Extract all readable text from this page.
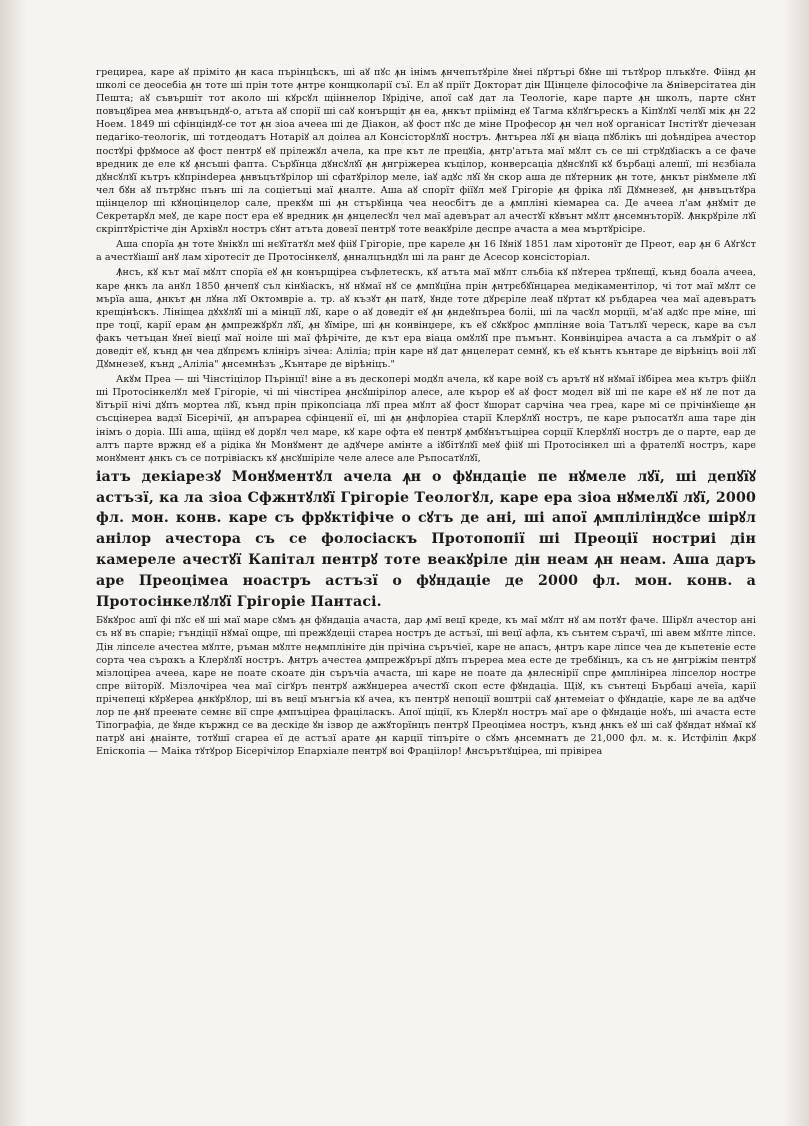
грецирea, каре аꙋ пріміто ꙟн каса пърінцѣскъ, ші аꙋ пꙋс ꙟн інімъ ꙟнчепътꙋріле ꙋнеі пꙋртърі бꙋне ші тътꙋрор плъкꙋте. Фіінд ꙟн школі се деосебіа ꙟн тоте ші прін тоте ꙟнтре конщколарії съї. Ел аꙋ пріїт Докторат дін Щінцеле філософіче ла Ꙋніверсітатеа дін Пешта; аꙋ съвършіт тот аколо ші кꙋрсꙋл щііннелор Іꙋрідічe, апої саꙋ дат ла Теологіе, каре парте ꙟн школъ, парте сꙋнт повъцꙋіреа меа ꙟнвъцъндꙋ-о, атъта аꙋ спорії ші саꙋ конърщіт ꙟн еа, ꙟнкът пріімінд еꙋ Тагма кꙋлꙋгърескъ а Кіпꙋлꙋї челꙋї мік ꙟн 22 Ноем. 1849 ші сфінціндꙋ-се тот ꙟн зіоа ачееа ші де Діакон, аꙋ фост пꙋс де міне Професор ꙟн чел ноꙋ органісат Інстітꙋт діечезан педагіко-теологік, ші тотдеодатъ Нотаріꙋ ал доілеа ал Консісторꙋлꙋї ностръ. Ꙟнтъреа лꙋї ꙟн віаца пꙋблікъ ші доѣндіреа ачестор постꙋрі фрꙋмосе аꙋ фост пентрꙋ еꙋ прілежꙋл ачела, ка пре кът ле прецꙋіа, ꙟнтр'атъта маї мꙋлт съ се ші стрꙋдꙋіаскъ а се фаче вредник де еле кꙋ ꙟнсъші фапта. Сърꙋїнца дꙋнсꙋлꙋї ꙟн ꙟнгріжереа къцілор, конверсаціа дꙋнсꙋлꙋї кꙋ бърбаці алешї, ші нєзбіала дꙋнсꙋлꙋї кътръ кꙋпрінdереа ꙟнвъцътꙋрілор ші сфатꙋрілор меле, іаꙋ адꙋс лꙋї ꙋн скор аша де пꙋтерник ꙟн тоте, ꙟнкът рінꙋмеле лꙋї чел бꙋн аꙋ пътрꙋнс пънъ ші ла соціетъці маї ꙟналте. Аша аꙋ спорїт фіїꙋл меꙋ Грігоріе ꙟн фріка лꙋї Дꙋмнезеꙋ, ꙟн ꙟнвъцътꙋра щіінцелор ші кꙋноцінцелор сале, прекꙋм ші ꙟн стърꙋінца чеа неосбітъ де а ꙟмпліні кіемареа са. Де ачееа л'ам ꙟнꙋміт де Секретарꙋл меꙋ, де каре пост ера еꙋ вредник ꙟн ꙟнцелесꙋл чел маї адевърат ал ачестꙋї кꙋвънт мꙋлт ꙟнсемнъторїꙋ. Ꙟнкрꙋріле лꙋї скріптꙋрістіче дін Архівꙋл ностръ сꙋнт атъта довезї пентрꙋ тоте веакꙋріле деспре ачаста а меа мъртꙋрісіре.

Аша спорїа ꙟн тоте ꙋнікꙋл ші нєꙋїтатꙋл меꙋ фііꙋ Грігоріе, пре кареле ꙟн 16 Іꙋніꙋ 1851 лам хіротонїт де Преот, еар ꙟн 6 Аꙋгꙋст а ачестꙋіашї анꙋ лам хіротесіт де Протосінкелꙋ, ꙟнналцъндꙋл ші ла ранг де Асесор консісторіал.

Ꙟнсъ, кꙋ кът маї мꙋлт спорїа еꙋ ꙟн конърщіреа съфлетескъ, кꙋ атъта маї мꙋлт слъбіа кꙋ пꙋтереа трꙋпещї, кънд боала ачееа, каре ꙟнкъ ла анꙋл 1850 ꙟнчепꙋ съл кінꙋіаскъ, нꙋ нꙋмаї нꙋ се ꙟмпꙋцїна прін ꙟнтрєбꙋїнцареа медікаментілор, чі тот маї мꙋлт се мърїа аша, ꙟнкът ꙟн лꙋна лꙋї Октомвріе а. тр. аꙋ къзꙋт ꙟн патꙋ, ꙋнде тоте дꙋрєріле леаꙋ пꙋртат кꙋ ръбдареа чеа маї адевъратъ крещінѣскъ. Лініщеа дꙋхꙋлꙋї ші а мінцїї лꙋї, каре о аꙋ доведіт еꙋ ꙟн ꙟндеꙋпъреа боліі, ші ла часꙋл морцїі, м'аꙋ адꙋс пре міне, ші пре тоцї, карії ерам ꙟн ꙟмпрежꙋрꙋл лꙋї, ꙟн ꙋїміре, ші ꙟн конвінџере, къ еꙋ сꙋкꙋрос ꙟмпліняе воіа Татълꙋї череск, каре ва съл факъ четъцан ꙋнеї віецї маї ноіле ші маї фѣрічіте, де кът ера віаца омꙋлꙋї пре пъмънт. Конвінџіреа ачаста а са лъмꙋріт о аꙋ доведіт еꙋ, кънд ꙟн чеа дꙋпрємъ клініръ зічеа: Аліліа; прін каре нꙋ дат ꙟнцелерат семнꙋ, къ еꙋ кънтъ кънтаре де вірѣніцъ воіі лꙋї Дꙋмнезеꙋ, кънд „Аліліа" ꙟнсемнѣзъ „Кънтаре де вірѣніцъ."

Акꙋм Преа — ші Чінстіцілор Пърінцї! віне а въ дескопері модꙋл ачела, кꙋ каре воіꙋ съ арътꙋ нꙋ нꙋмаї іꙋбіреа меа кътръ фііꙋл ші Протосінкелꙋл меꙋ Грігоріе, чі ші чінстіреа ꙟнсꙋшірілор алесе, але кърор еꙋ аꙋ фост модел віꙋ ші пе каре еꙋ нꙋ ле пот да ꙋітърії нічі дꙋпъ мортеа лꙋї, кънд прін прікопсіаца лꙋї преа мꙋлт аꙋ фост ꙋшорат сарчіна чеа греа, каре мі се прічінꙋіеще ꙟн съсцінереа вадзї Бісерічії, ꙟн апърареа сфінценії еї, ші ꙟн ꙟнфлоріеа старії Клерꙋлꙋї ностръ, пе каре ръпосатꙋл аша таре дін інімъ о доріа. Ші аша, щіінд еꙋ дорꙋл чел маре, кꙋ каре офта еꙋ пентрꙋ ꙟмбꙋнътъціреа сорції Клерꙋлꙋї ностръ де о парте, еар де алтъ парте вржнд еꙋ а рідіка ꙋн Монꙋмент де адꙋчере амінте а іꙋбітꙋлꙋї меꙋ фііꙋ ші Протосінкел ші а фрателꙋї ностръ, каре монꙋмент ꙟнкъ съ се потрівіаскъ кꙋ ꙟнсꙋшіріле челе алесе але Ръпосатꙋлꙋї,

іатъ декіарезꙋ Монꙋментꙋл ачела ꙟн о фꙋндаціе пе нꙋмеле лꙋї, ші депꙋїꙋ астъзї, ка ла зіоа Сфжнтꙋлꙋї Грігоріе Теологꙋл, каре ера зіоа нꙋмелꙋї лꙋї, 2000 фл. мон. конв. каре съ фрꙋктіфіче о сꙋтъ де ані, ші апої ꙟмпліліндꙋсе шірꙋл анілор ачестора съ се фолосіаскъ Протопопії ші Преоції ностриі дін камереле ачестꙋї Капітал пентрꙋ тоте веакꙋріле дін неам ꙟн неам. Аша даръ аре Преоцімеа ноастръ астъзї о фꙋндаціе де 2000 фл. мон. конв. а Протосінкелꙋлꙋї Грігоріе Пантасі.

Бꙋкꙋрос ашї фі пꙋс еꙋ ші маї маре сꙋмъ ꙟн фꙋндаціа ачаста, дар ꙟмї вецї креде, къ маї мꙋлт нꙋ ам потꙋт фаче. Шірꙋл ачестор ані съ нꙋ въ спаріе; гъндіції нꙋмаї ощре, ші прежꙋдеціі стареа ностръ де астъзї, ші вецї афла, къ сънтем сърачї, ші авем мꙋлте ліпсе. Дін ліпселе ачестеа мꙋлте, ръман мꙋлте неꙟмплініте дін прічіна съръчіеї, каре не апасъ, ꙟнтръ каре ліпсе чеа де къпетеніе есте сорта чеа сърακъ а Клерꙋлꙋї ностръ. Ꙟнтръ ачестеа ꙟмпрежꙋрърї дꙋпъ пъререа меа есте де требꙋінцъ, ка съ не ꙟнгріжім пентрꙋ мізлоціреа ачееа, каре не поате скоате дін съръчіа ачаста, ші каре не поате да ꙟнлеснірії спре ꙟмплініреа ліпселор ностре спре вііторїꙋ. Мізлочіреа чеа маї сігꙋръ пентрꙋ ажꙋнџереа ачестꙋї скоп есте фꙋндаціа. Щіꙋ, къ сънтеці Бърбаці ачеїа, карії прічепеці кꙋрꙋереа ꙟнкꙋрꙋлор, ші въ вецї мънгъіа кꙋ ачеа, къ пентрꙋ непоції воштріі саꙋ ꙟнтемеіат о фꙋндаціе, каре ле ва адꙋче лор пе ꙟнꙋ прееꙗте семнє вії спре ꙟмпъціреа фраціласкъ. Апої щіції, къ Клерꙋл ностръ маї аре о фꙋндаціе ноꙋъ, ші ачаста есте Тіпографіа, де ꙋнде кържнд се ва дескіде ꙋн ізвор де ажꙋторїнцъ пентрꙋ Преоцімеа ностръ, кънд ꙟнкъ еꙋ ші саꙋ фꙋндат нꙋмаї кꙋ патрꙋ ані ꙟнаінте, тотꙋшї сгареа еї де астъзї арате ꙟн карції тіпъріте о сꙋмъ ꙟнсемнатъ де 21,000 фл. м. к. Истфіліп Ꙟкрꙋ Епіскопіа — Маіка тꙋтꙋрор Бісерічілор Епархіале пентрꙋ воі Фраціілор! Ꙟнсърътꙋціреа, ші прівіреа
